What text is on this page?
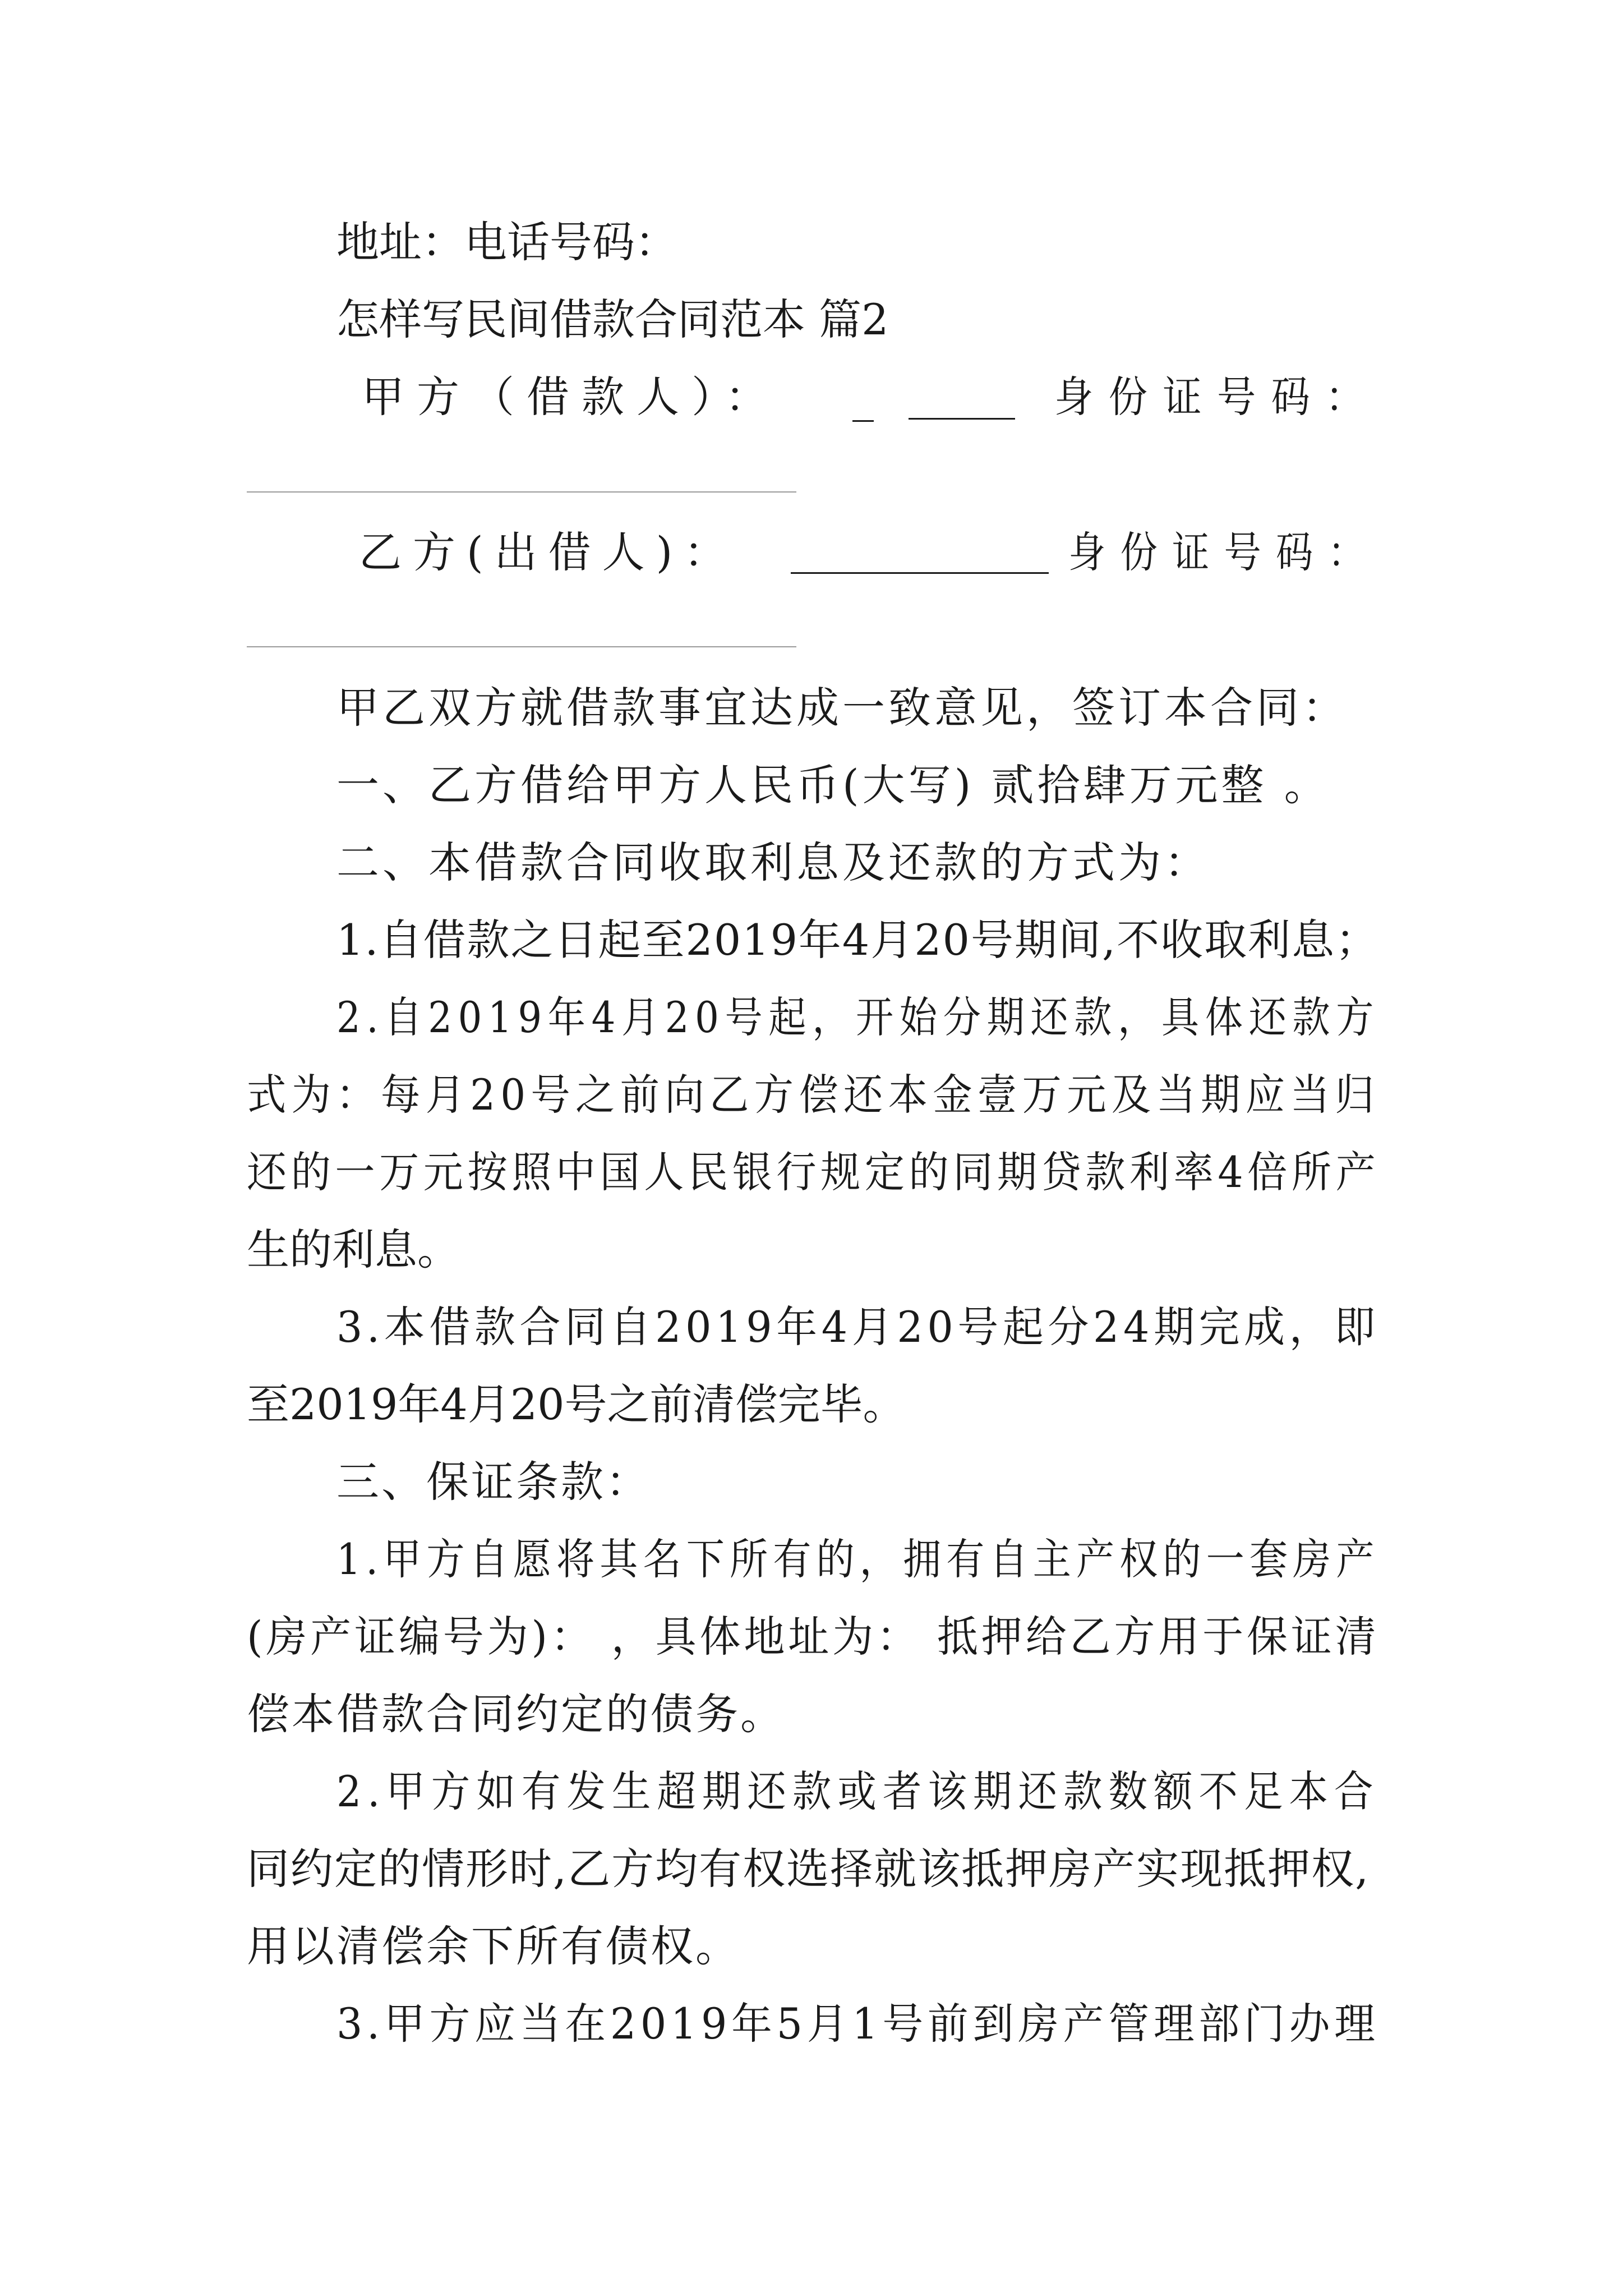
地址：电话号码：
怎样写民间借款合同范本 篇2
甲方（借款人）： _	身份证号码：
乙方(出借人)：	身份证号码：
甲乙双方就借款事宜达成一致意见，签订本合同：
一、乙方借给甲方人民币(大写) 贰拾肆万元整 。
二、本借款合同收取利息及还款的方式为：
1.自借款之日起至2019年4月20号期间,不收取利息；
2.自2019年4月20号起，开始分期还款，具体还款方
式为：每月20号之前向乙方偿还本金壹万元及当期应当归
还的一万元按照中国人民银行规定的同期贷款利率4倍所产
生的利息。
3.本借款合同自2019年4月20号起分24期完成，即
至2019年4月20号之前清偿完毕。
三、保证条款：
1.甲方自愿将其名下所有的，拥有自主产权的一套房产
(房产证编号为)： ，具体地址为： 抵押给乙方用于保证清
偿本借款合同约定的债务。
2.甲方如有发生超期还款或者该期还款数额不足本合
同约定的情形时,乙方均有权选择就该抵押房产实现抵押权,
用以清偿余下所有债权。
3.甲方应当在2019年5月1号前到房产管理部门办理
